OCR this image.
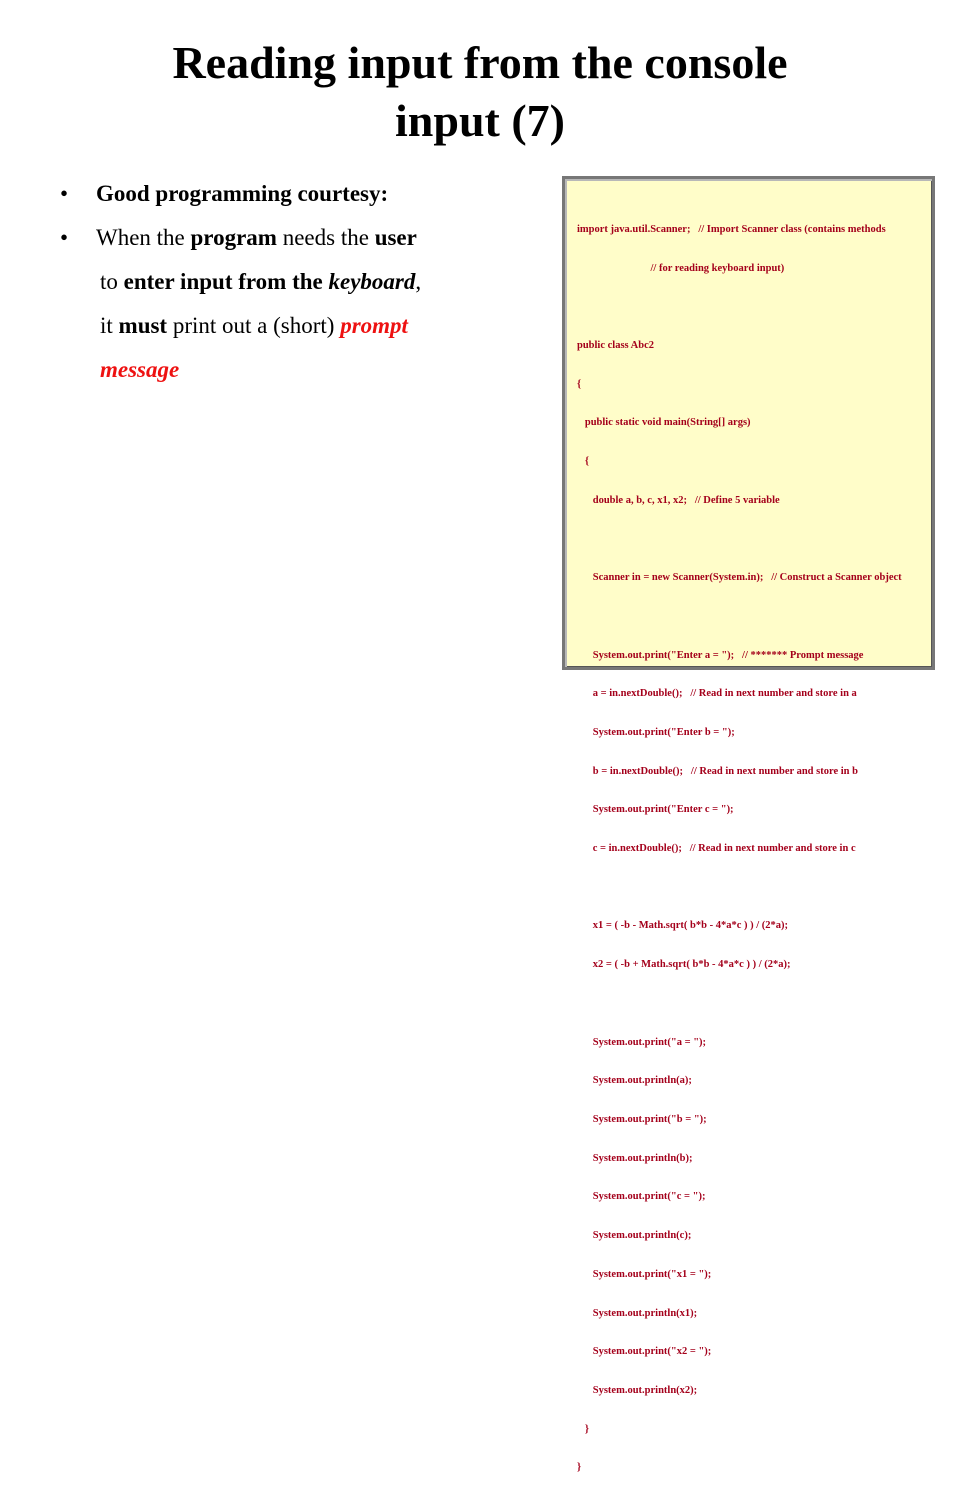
Reading input from the console
input (7)
• Good programming courtesy:
• When the program needs the user
to enter input from the keyboard,
it must print out a (short) prompt
message

import java.util.Scanner;   // Import Scanner class (contains methods

// for reading keyboard input)

public class Abc2

{

public static void main(String[] args)

{

double a, b, c, x1, x2;   // Define 5 variable

Scanner in = new Scanner(System.in);   // Construct a Scanner object

System.out.print("Enter a = ");   // ******* Prompt message

a = in.nextDouble();   // Read in next number and store in a

System.out.print("Enter b = ");

b = in.nextDouble();   // Read in next number and store in b

System.out.print("Enter c = ");

c = in.nextDouble();   // Read in next number and store in c

x1 = ( -b - Math.sqrt( b*b - 4*a*c ) ) / (2*a);

x2 = ( -b + Math.sqrt( b*b - 4*a*c ) ) / (2*a);

System.out.print("a = ");

System.out.println(a);

System.out.print("b = ");

System.out.println(b);

System.out.print("c = ");

System.out.println(c);

System.out.print("x1 = ");

System.out.println(x1);

System.out.print("x2 = ");

System.out.println(x2);

}

}
